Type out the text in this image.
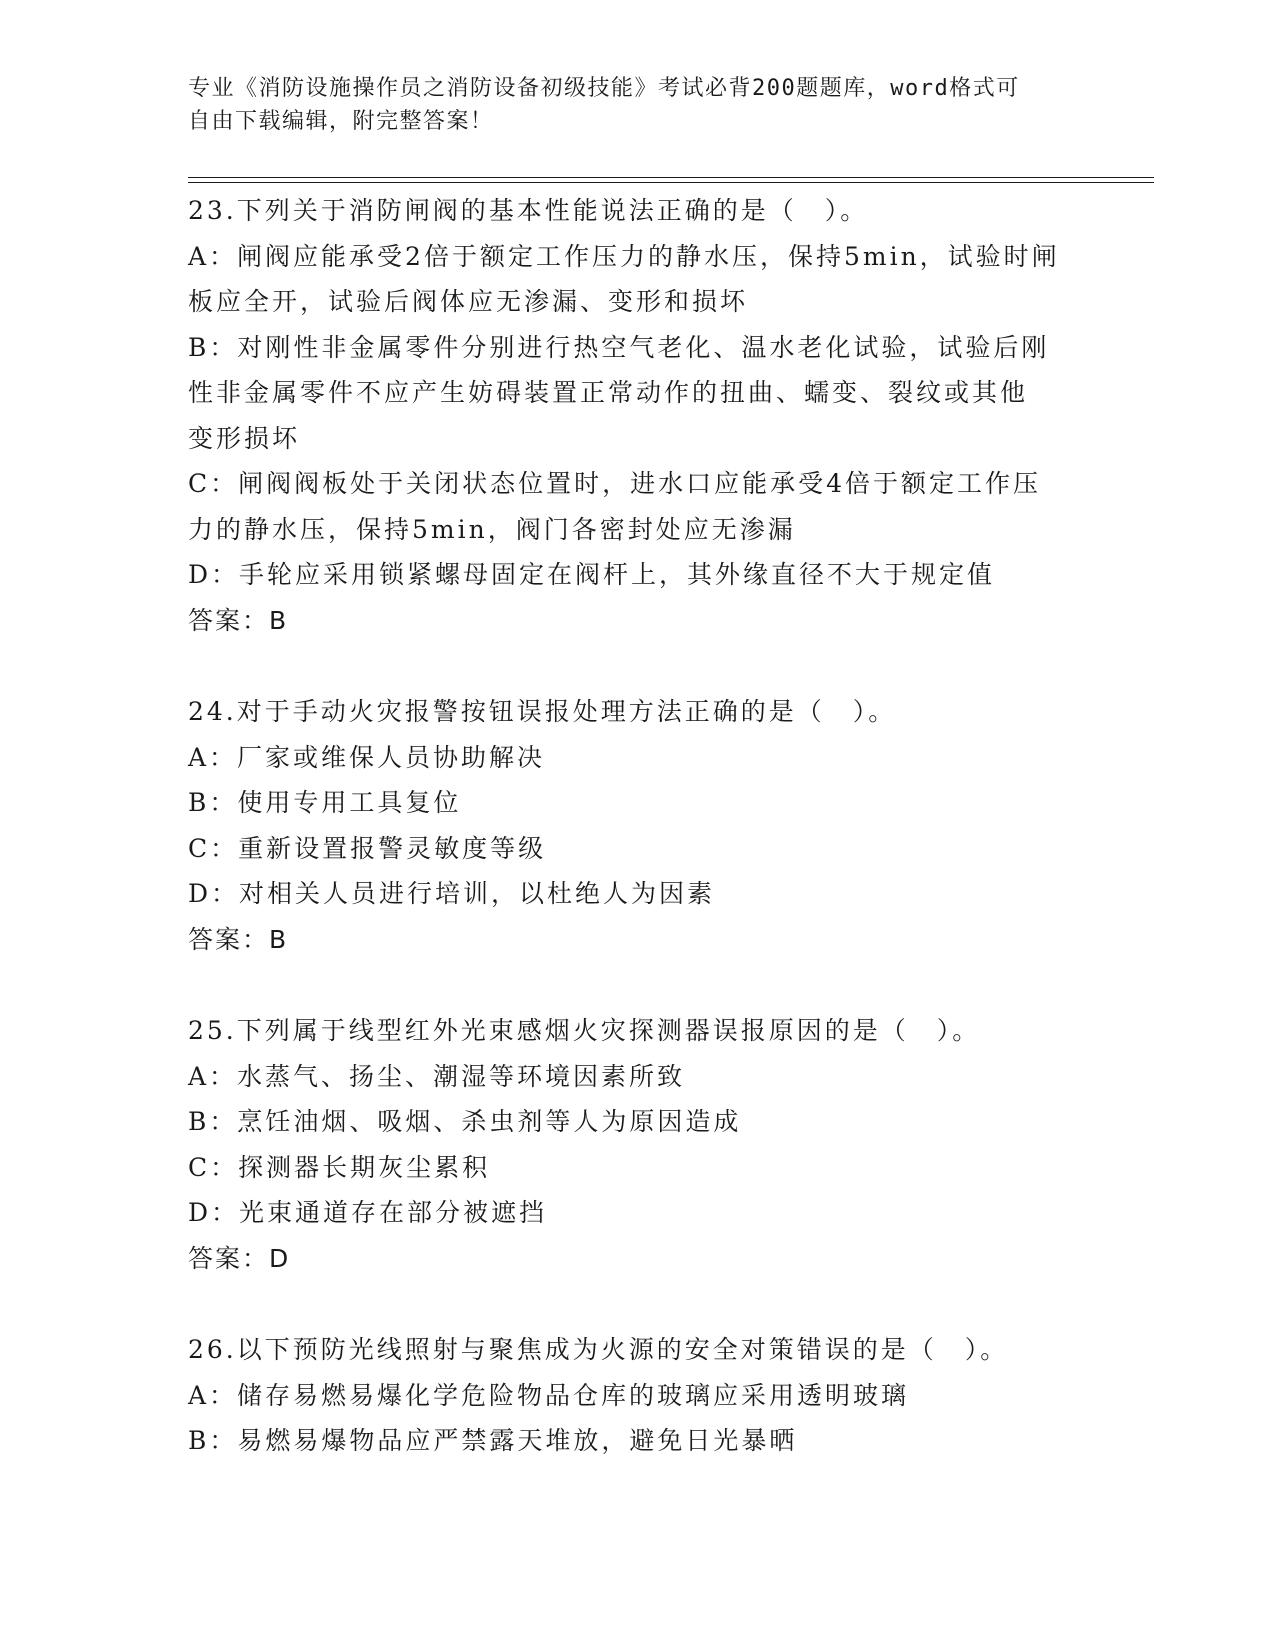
专业《消防设施操作员之消防设备初级技能》考试必背200题题库，word格式可
自由下载编辑，附完整答案！
23.下列关于消防闸阀的基本性能说法正确的是（　）。
A：闸阀应能承受2倍于额定工作压力的静水压，保持5min，试验时闸
板应全开，试验后阀体应无渗漏、变形和损坏
B：对刚性非金属零件分别进行热空气老化、温水老化试验，试验后刚
性非金属零件不应产生妨碍装置正常动作的扭曲、蠕变、裂纹或其他
变形损坏
C：闸阀阀板处于关闭状态位置时，进水口应能承受4倍于额定工作压
力的静水压，保持5min，阀门各密封处应无渗漏
D：手轮应采用锁紧螺母固定在阀杆上，其外缘直径不大于规定值
答案：B
24.对于手动火灾报警按钮误报处理方法正确的是（　）。
A：厂家或维保人员协助解决
B：使用专用工具复位
C：重新设置报警灵敏度等级
D：对相关人员进行培训，以杜绝人为因素
答案：B
25.下列属于线型红外光束感烟火灾探测器误报原因的是（　）。
A：水蒸气、扬尘、潮湿等环境因素所致
B：烹饪油烟、吸烟、杀虫剂等人为原因造成
C：探测器长期灰尘累积
D：光束通道存在部分被遮挡
答案：D
26.以下预防光线照射与聚焦成为火源的安全对策错误的是（　）。
A：储存易燃易爆化学危险物品仓库的玻璃应采用透明玻璃
B：易燃易爆物品应严禁露天堆放，避免日光暴晒
